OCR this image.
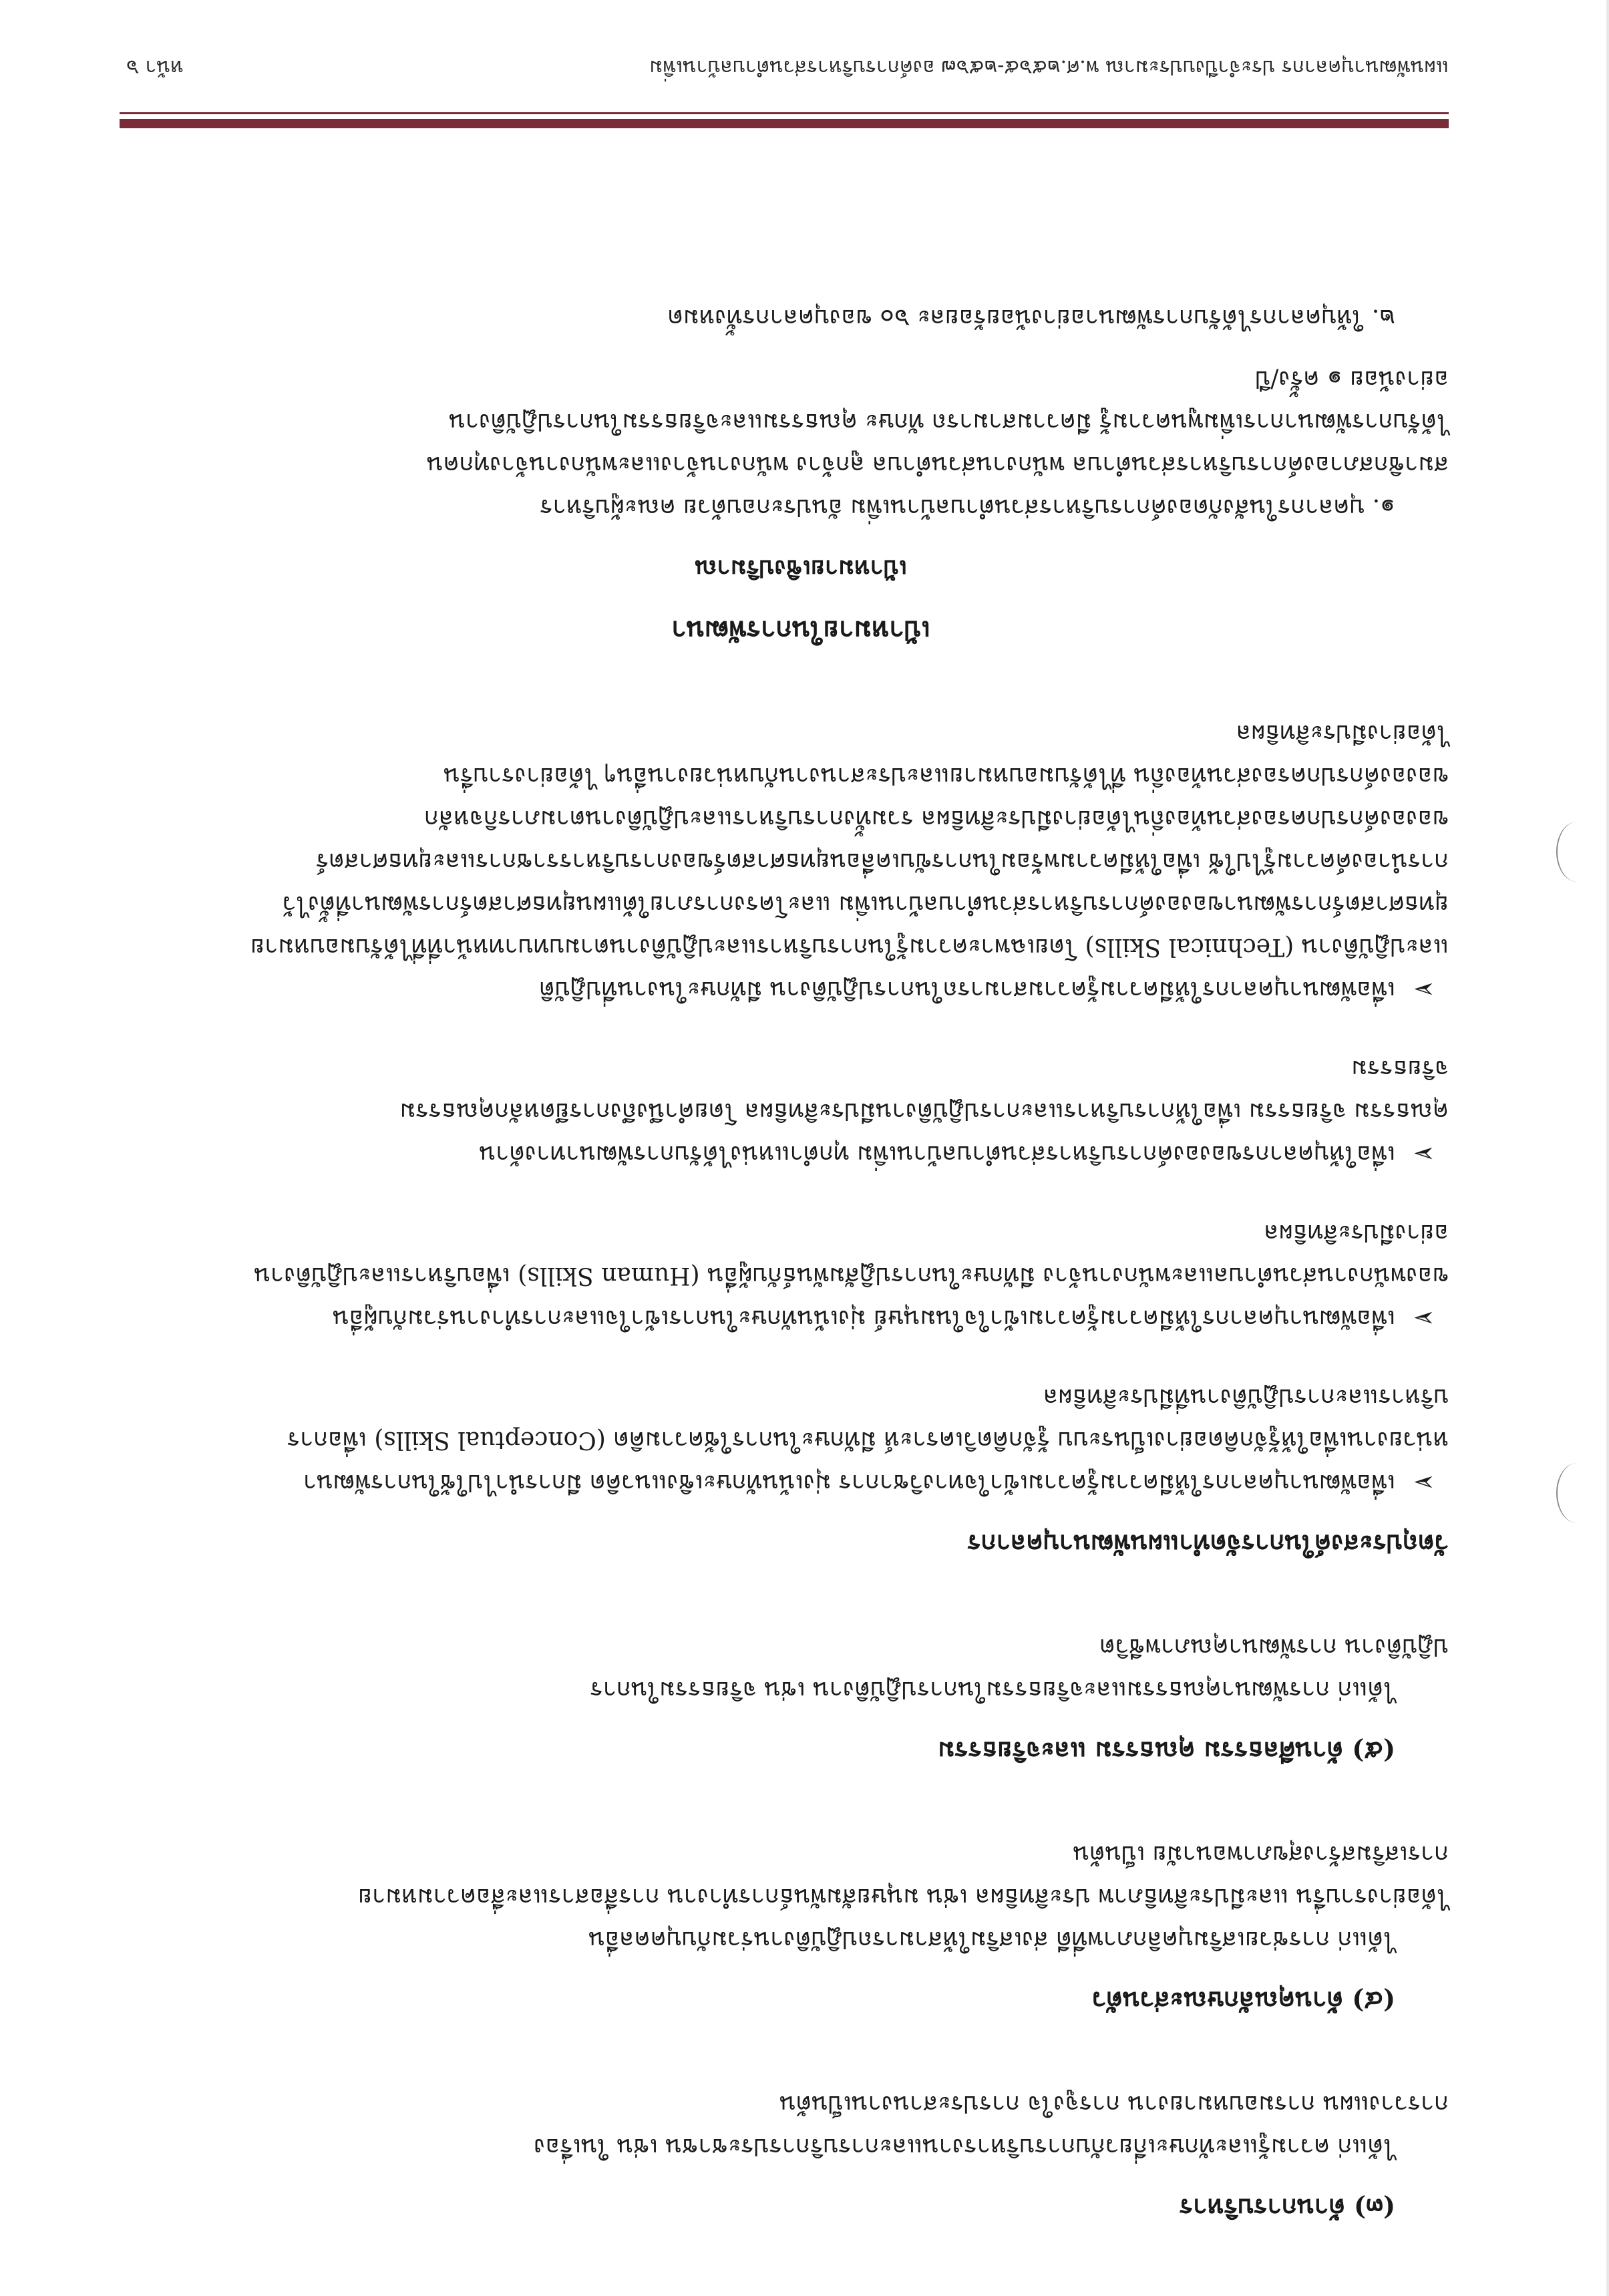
(๓) ด้านการบริหาร

ได้แก่ ความรู้และทักษะเกี่ยวกับการบริหารงานและการบริการประชาชน เช่น ในเรื่อง

การวางแผน การมอบหมายงาน การจูงใจ การประสานงานเป็นต้น

(๔) ด้านคุณลักษณะส่วนตัว

ได้แก่ การช่วยเสริมบุคลิกภาพที่ดี ส่งเสริมให้สามารถปฏิบัติงานร่วมกับบุคคลอื่น

ได้อย่างราบรื่น และมีประสิทธิภาพ ประสิทธิผล เช่น มนุษยสัมพันธ์การทำงาน การสื่อสารและสื่อความหมาย

การเสริมสร้างสุขภาพอนามัย เป็นต้น

(๕) ด้านศีลธรรม คุณธรรม และจริยธรรม

ได้แก่ การพัฒนาคุณธรรมและจริยธรรมในการปฏิบัติงาน เช่น จริยธรรมในการ

ปฏิบัติงาน การพัฒนาคุณภาพชีวิต

วัตถุประสงค์ในการจัดทำแผนพัฒนาบุคลากร

➢

เพื่อพัฒนาบุคลากรให้มีความรู้ความเข้าใจทางวิชาการ มุ่งเน้นทักษะเชิงแนวคิด มีการนำไปใช้ในการพัฒนา

หน่วยงานเพื่อให้รู้จักคิดอย่างเป็นระบบ รู้จักคิดวิเคราะห์ มีทักษะในการใช้ความคิด (Conceptual Skills) เพื่อการ

บริหารและการปฏิบัติงานที่มีประสิทธิผล

➢

เพื่อพัฒนาบุคลากรให้มีความรู้ความเข้าใจในมนุษย์ มุ่งเน้นทักษะในการเข้าใจและการทำงานร่วมกับผู้อื่น

ของพนักงานส่วนตำบลและพนักงานจ้าง มีทักษะในการปฏิสัมพันธ์กับผู้อื่น (Human Skills) เพื่อบริหารและปฏิบัติงาน

อย่างมีประสิทธิผล

➢

เพื่อให้บุคลากรขององค์การบริหารส่วนตำบลบ้านเพิ่ม ทุกตำแหน่งได้รับการพัฒนาทางด้าน

คุณธรรม จริยธรรม เพื่อให้การบริหารและการปฏิบัติงานมีประสิทธิผล โดยคำนึงถึงการยึดหลักคุณธรรม

จริยธรรม

➢

เพื่อพัฒนาบุคลากรให้มีความรู้ความสามารถในการปฏิบัติงาน มีทักษะในงานที่ปฏิบัติ

และปฏิบัติงาน (Technical Skills) โดยเฉพาะความรู้ในการบริหารและปฏิบัติงานตามบทบาทหน้าที่ที่ได้รับมอบหมาย

ยุทธศาสตร์การพัฒนาขององค์การบริหารส่วนตำบลบ้านเพิ่ม และโครงการภายใต้แผนยุทธศาสตร์การพัฒนาที่ตั้งไว้

การนำองค์ความรู้ไปใช้ เพื่อให้มีความพร้อมในการขับเคลื่อนยุทธศาสตร์ของการบริหารราชการและยุทธศาสตร์

ขององค์กรปกครองส่วนท้องถิ่นได้อย่างมีประสิทธิผล รวมทั้งการบริหารและปฏิบัติงานตามภารกิจหลัก

ขององค์กรปกครองส่วนท้องถิ่น ที่ได้รับมอบหมายและประสานงานกับหน่วยงานอื่นๆ ได้อย่างราบรื่น

ได้อย่างมีประสิทธิผล

เป้าหมายในการพัฒนา

เป้าหมายเชิงปริมาณ

๑. บุคลากรในสังกัดองค์การบริหารส่วนตำบลบ้านเพิ่ม อันประกอบด้วย คณะผู้บริหาร

สมาชิกสภาองค์การบริหารส่วนตำบล พนักงานส่วนตำบล ลูกจ้าง พนักงานจ้างและพนักงานจ้างทุกคน

ได้รับการพัฒนาการเพิ่มพูนความรู้ มีความสามารถ ทักษะ คุณธรรมและจริยธรรมในการปฏิบัติงาน

อย่างน้อย ๑ ครั้ง/ปี

๒. ให้บุคลากรได้รับการพัฒนาอย่างน้อยร้อยละ ๖๐ ของบุคลากรทั้งหมด

แผนพัฒนาบุคลากร ประจำปีงบประมาณ พ.ศ.๒๕๖๕-๒๕๖๗ องค์การบริหารส่วนตำบลบ้านเพิ่ม
หน้า ๖
